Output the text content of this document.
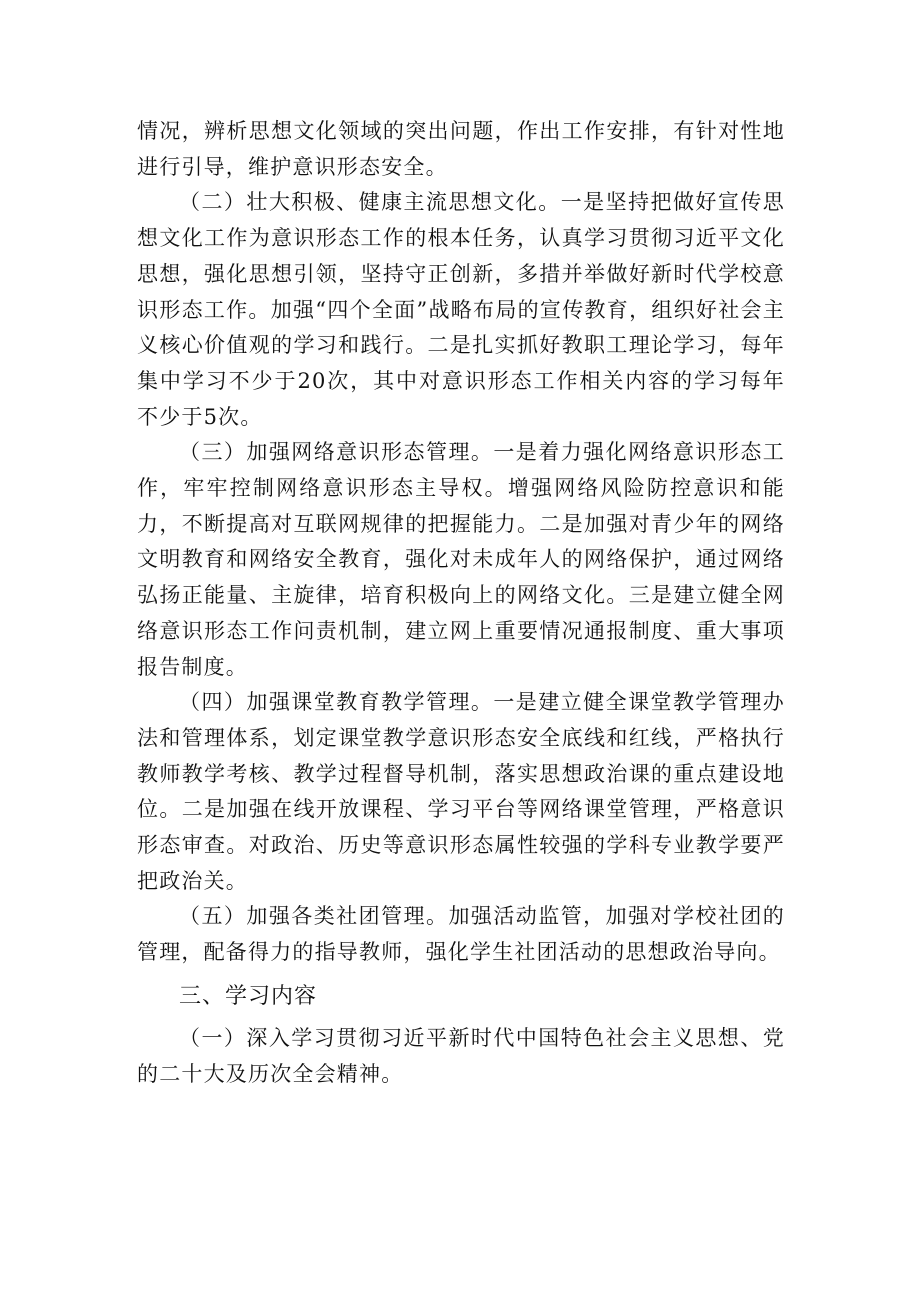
情况，辨析思想文化领域的突出问题，作出工作安排，有针对性地进行引导，维护意识形态安全。

（二）壮大积极、健康主流思想文化。一是坚持把做好宣传思想文化工作为意识形态工作的根本任务，认真学习贯彻习近平文化思想，强化思想引领，坚持守正创新，多措并举做好新时代学校意识形态工作。加强“四个全面”战略布局的宣传教育，组织好社会主义核心价值观的学习和践行。二是扎实抓好教职工理论学习，每年集中学习不少于20次，其中对意识形态工作相关内容的学习每年不少于5次。

（三）加强网络意识形态管理。一是着力强化网络意识形态工作，牢牢控制网络意识形态主导权。增强网络风险防控意识和能力，不断提高对互联网规律的把握能力。二是加强对青少年的网络文明教育和网络安全教育，强化对未成年人的网络保护，通过网络弘扬正能量、主旋律，培育积极向上的网络文化。三是建立健全网络意识形态工作问责机制，建立网上重要情况通报制度、重大事项报告制度。

（四）加强课堂教育教学管理。一是建立健全课堂教学管理办法和管理体系，划定课堂教学意识形态安全底线和红线，严格执行教师教学考核、教学过程督导机制，落实思想政治课的重点建设地位。二是加强在线开放课程、学习平台等网络课堂管理，严格意识形态审查。对政治、历史等意识形态属性较强的学科专业教学要严把政治关。

（五）加强各类社团管理。加强活动监管，加强对学校社团的管理，配备得力的指导教师，强化学生社团活动的思想政治导向。

三、学习内容

（一）深入学习贯彻习近平新时代中国特色社会主义思想、党的二十大及历次全会精神。
